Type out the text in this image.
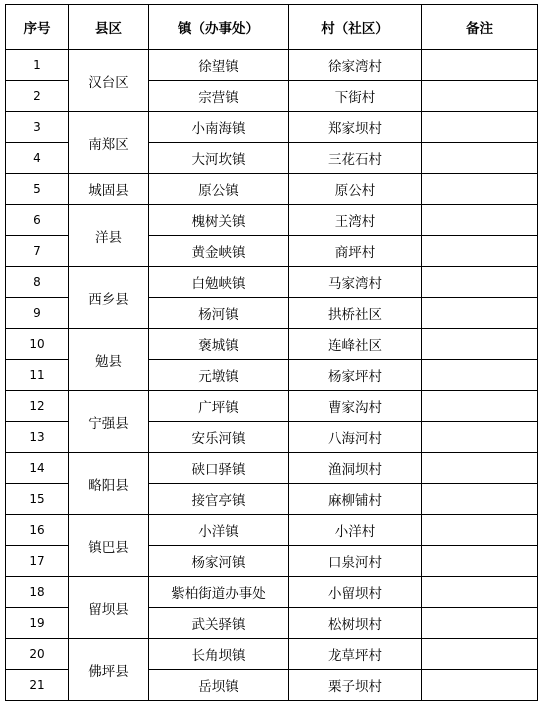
序号	县区	镇（办事处）	村（社区）	备注
1	汉台区	徐望镇	徐家湾村	
2		宗营镇	下街村	
3	南郑区	小南海镇	郑家坝村	
4		大河坎镇	三花石村	
5	城固县	原公镇	原公村	
6	洋县	槐树关镇	王湾村	
7		黄金峡镇	商坪村	
8	西乡县	白勉峡镇	马家湾村	
9		杨河镇	拱桥社区	
10	勉县	褒城镇	连峰社区	
11		元墩镇	杨家坪村	
12	宁强县	广坪镇	曹家沟村	
13		安乐河镇	八海河村	
14	略阳县	硖口驿镇	渔洞坝村	
15		接官亭镇	麻柳铺村	
16	镇巴县	小洋镇	小洋村	
17		杨家河镇	口泉河村	
18	留坝县	紫柏街道办事处	小留坝村	
19		武关驿镇	松树坝村	
20	佛坪县	长角坝镇	龙草坪村	
21		岳坝镇	栗子坝村	
